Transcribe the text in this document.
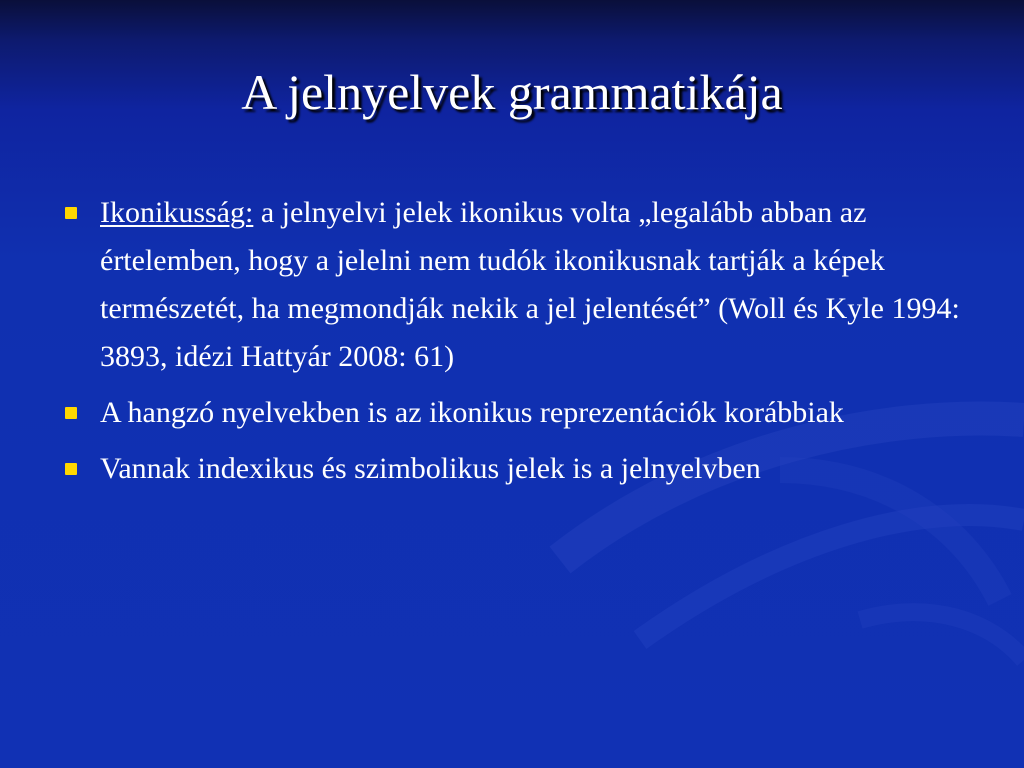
A jelnyelvek grammatikája
Ikonikusság: a jelnyelvi jelek ikonikus volta „legalább abban az értelemben, hogy a jelelni nem tudók ikonikusnak tartják a képek természetét, ha megmondják nekik a jel jelentését” (Woll és Kyle 1994: 3893, idézi Hattyár 2008: 61)
A hangzó nyelvekben is az ikonikus reprezentációk korábbiak
Vannak indexikus és szimbolikus jelek is a jelnyelvben
